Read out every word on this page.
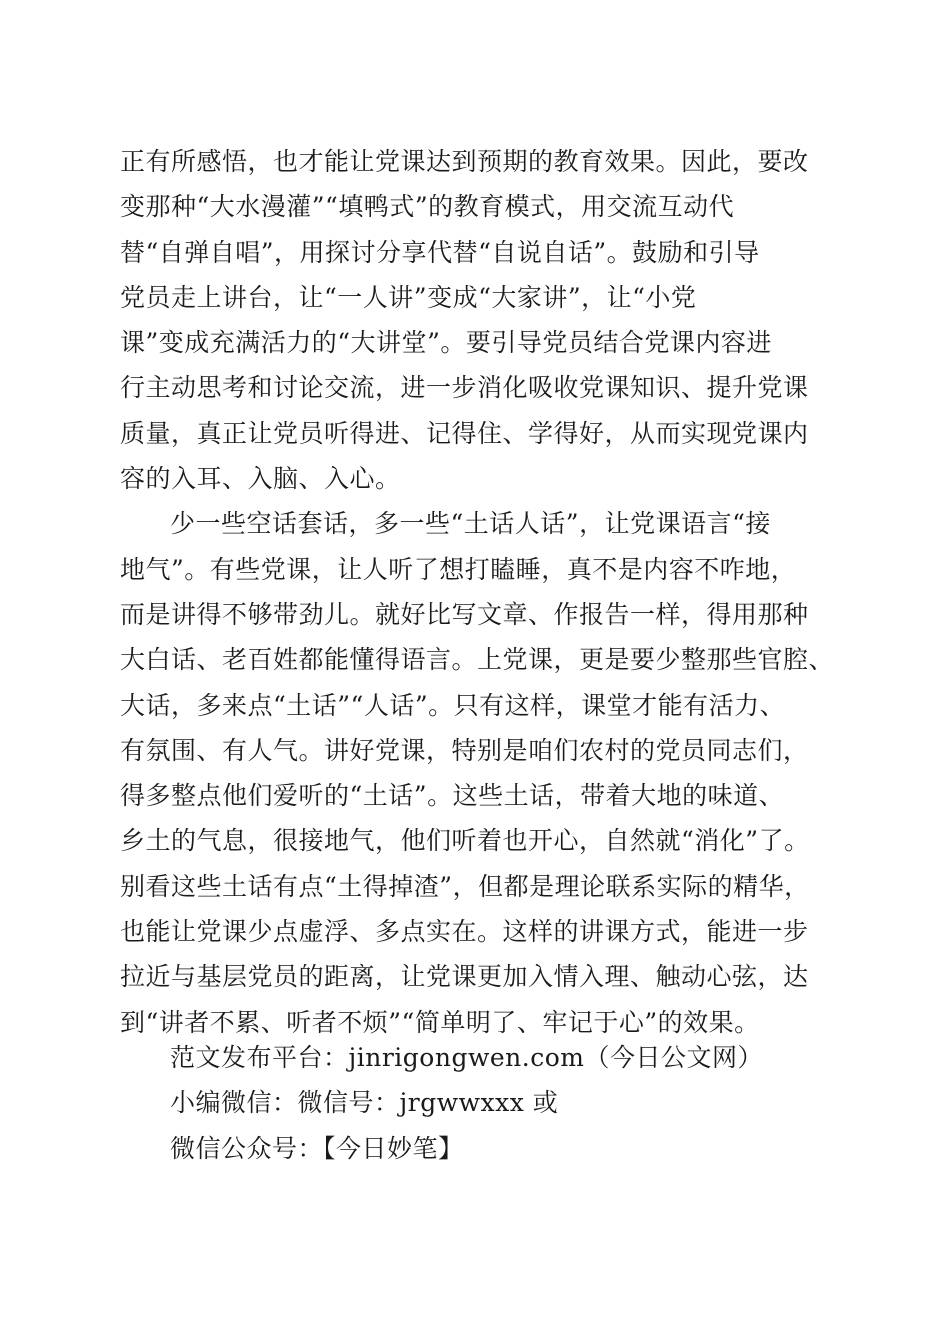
正有所感悟，也才能让党课达到预期的教育效果。因此，要改
变那种“大水漫灌”“填鸭式”的教育模式，用交流互动代
替“自弹自唱”，用探讨分享代替“自说自话”。鼓励和引导
党员走上讲台，让“一人讲”变成“大家讲”，让“小党
课”变成充满活力的“大讲堂”。要引导党员结合党课内容进
行主动思考和讨论交流，进一步消化吸收党课知识、提升党课
质量，真正让党员听得进、记得住、学得好，从而实现党课内
容的入耳、入脑、入心。
少一些空话套话，多一些“土话人话”，让党课语言“接
地气”。有些党课，让人听了想打瞌睡，真不是内容不咋地，
而是讲得不够带劲儿。就好比写文章、作报告一样，得用那种
大白话、老百姓都能懂得语言。上党课，更是要少整那些官腔、
大话，多来点“土话”“人话”。只有这样，课堂才能有活力、
有氛围、有人气。讲好党课，特别是咱们农村的党员同志们，
得多整点他们爱听的“土话”。这些土话，带着大地的味道、
乡土的气息，很接地气，他们听着也开心，自然就“消化”了。
别看这些土话有点“土得掉渣”，但都是理论联系实际的精华，
也能让党课少点虚浮、多点实在。这样的讲课方式，能进一步
拉近与基层党员的距离，让党课更加入情入理、触动心弦，达
到“讲者不累、听者不烦”“简单明了、牢记于心”的效果。
范文发布平台：jinrigongwen.com（今日公文网）
小编微信：微信号：jrgwwxxx 或
微信公众号：【今日妙笔】
